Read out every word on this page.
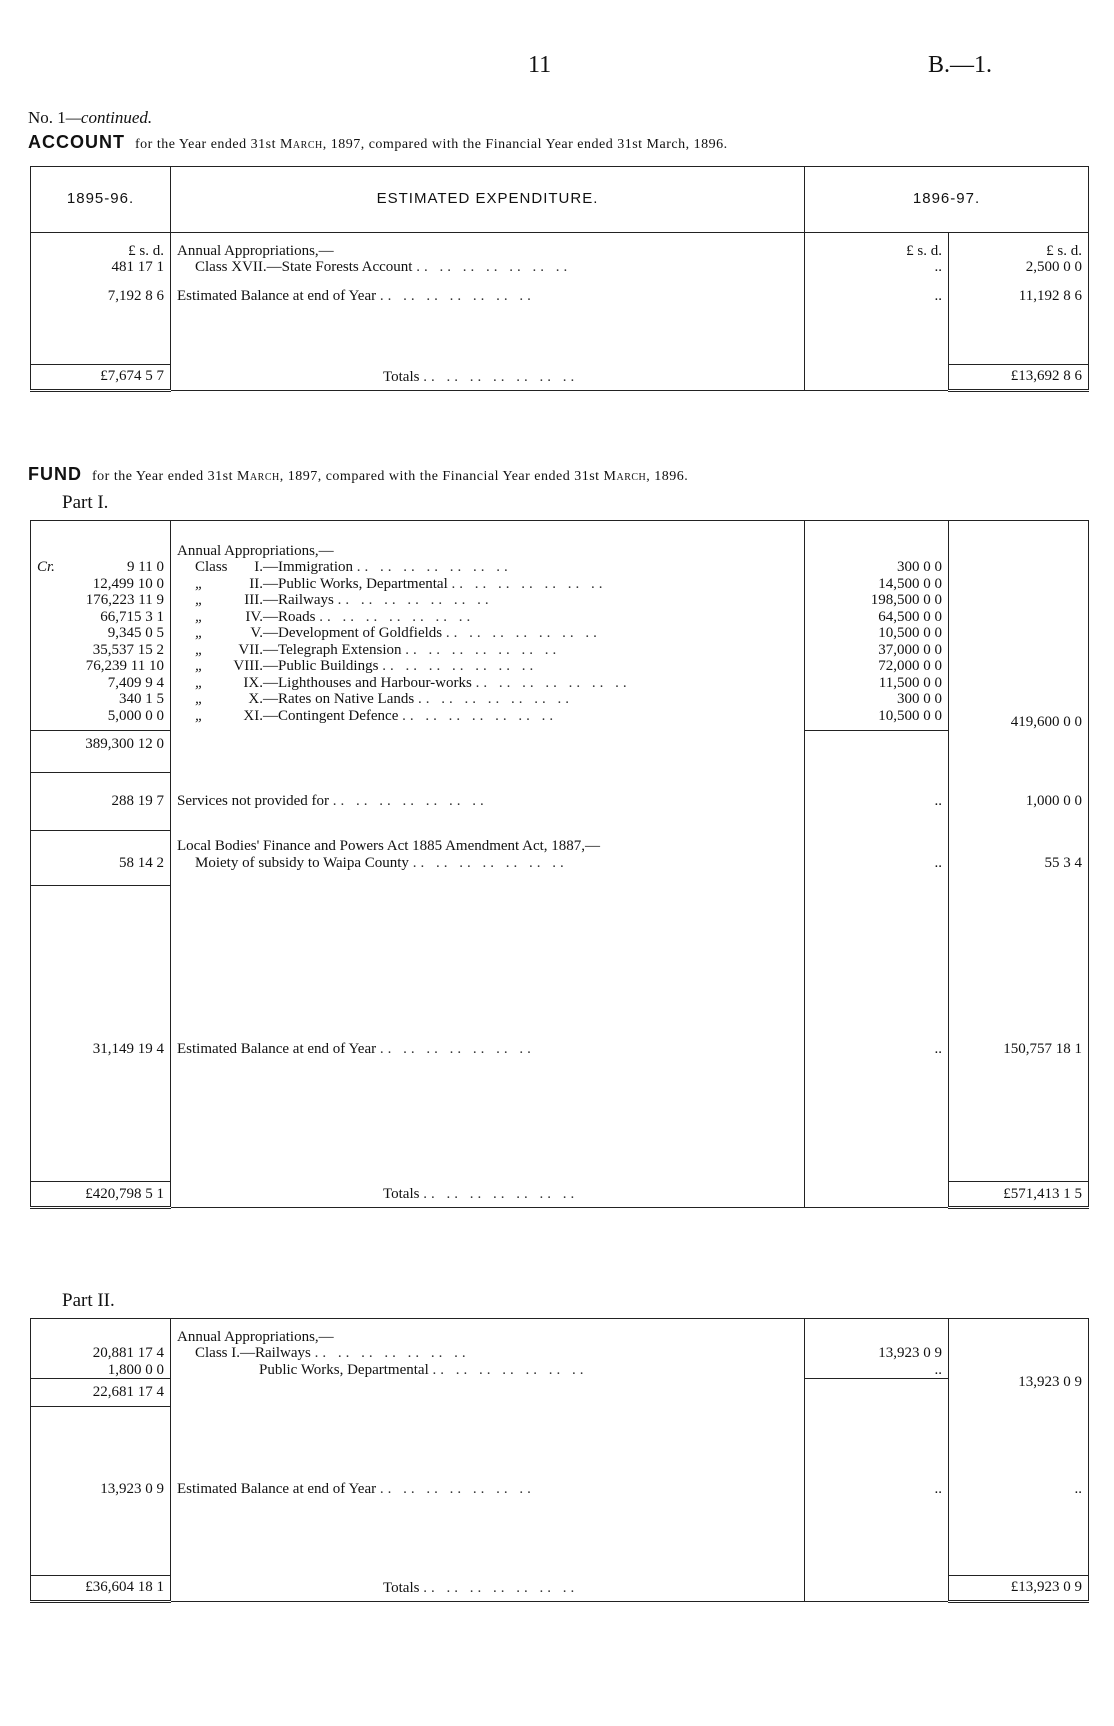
11	B.—1.
No. 1—continued.
ACCOUNT for the Year ended 31st March, 1897, compared with the Financial Year ended 31st March, 1896.
1895-96.	ESTIMATED EXPENDITURE.	1896-97.	

£ s. d.	Annual Appropriations,—	£ s. d.	£ s. d.
481 17 1	Class XVII.—State Forests Account .. .. .. .. .. .. ..	..	2,500 0 0

7,192 8 6	Estimated Balance at end of Year .. .. .. .. .. .. ..	..	11,192 8 6

£7,674 5 7	Totals .. .. .. .. .. .. ..		£13,692 8 6

FUND for the Year ended 31st March, 1897, compared with the Financial Year ended 31st March, 1896.
Part I.

	Annual Appropriations,—		

Cr. 9 11 0	Class I.—Immigration .. .. .. .. .. .. ..	300 0 0	
12,499 10 0	„ II.—Public Works, Departmental .. .. .. .. .. .. ..	14,500 0 0	
176,223 11 9	„ III.—Railways .. .. .. .. .. .. ..	198,500 0 0	
66,715 3 1	„ IV.—Roads .. .. .. .. .. .. ..	64,500 0 0	
9,345 0 5	„ V.—Development of Goldfields .. .. .. .. .. .. ..	10,500 0 0	
35,537 15 2	„ VII.—Telegraph Extension .. .. .. .. .. .. ..	37,000 0 0	
76,239 11 10	„ VIII.—Public Buildings .. .. .. .. .. .. ..	72,000 0 0	
7,409 9 4	„ IX.—Lighthouses and Harbour-works .. .. .. .. .. .. ..	11,500 0 0	
340 1 5	„ X.—Rates on Native Lands .. .. .. .. .. .. ..	300 0 0	
5,000 0 0	„ XI.—Contingent Defence .. .. .. .. .. .. ..	10,500 0 0	

389,300 12 0			419,600 0 0

288 19 7	Services not provided for .. .. .. .. .. .. ..	..	1,000 0 0

	Local Bodies' Finance and Powers Act 1885 Amendment Act, 1887,—		
58 14 2	Moiety of subsidy to Waipa County .. .. .. .. .. .. ..	..	55 3 4

31,149 19 4	Estimated Balance at end of Year .. .. .. .. .. .. ..	..	150,757 18 1

£420,798 5 1	Totals .. .. .. .. .. .. ..		£571,413 1 5

Part II.

	Annual Appropriations,—		
20,881 17 4	Class I.—Railways .. .. .. .. .. .. ..	13,923 0 9	
1,800 0 0	Public Works, Departmental .. .. .. .. .. .. ..	..	13,923 0 9

22,681 17 4			

13,923 0 9	Estimated Balance at end of Year .. .. .. .. .. .. ..	..	..

£36,604 18 1	Totals .. .. .. .. .. .. ..		£13,923 0 9
